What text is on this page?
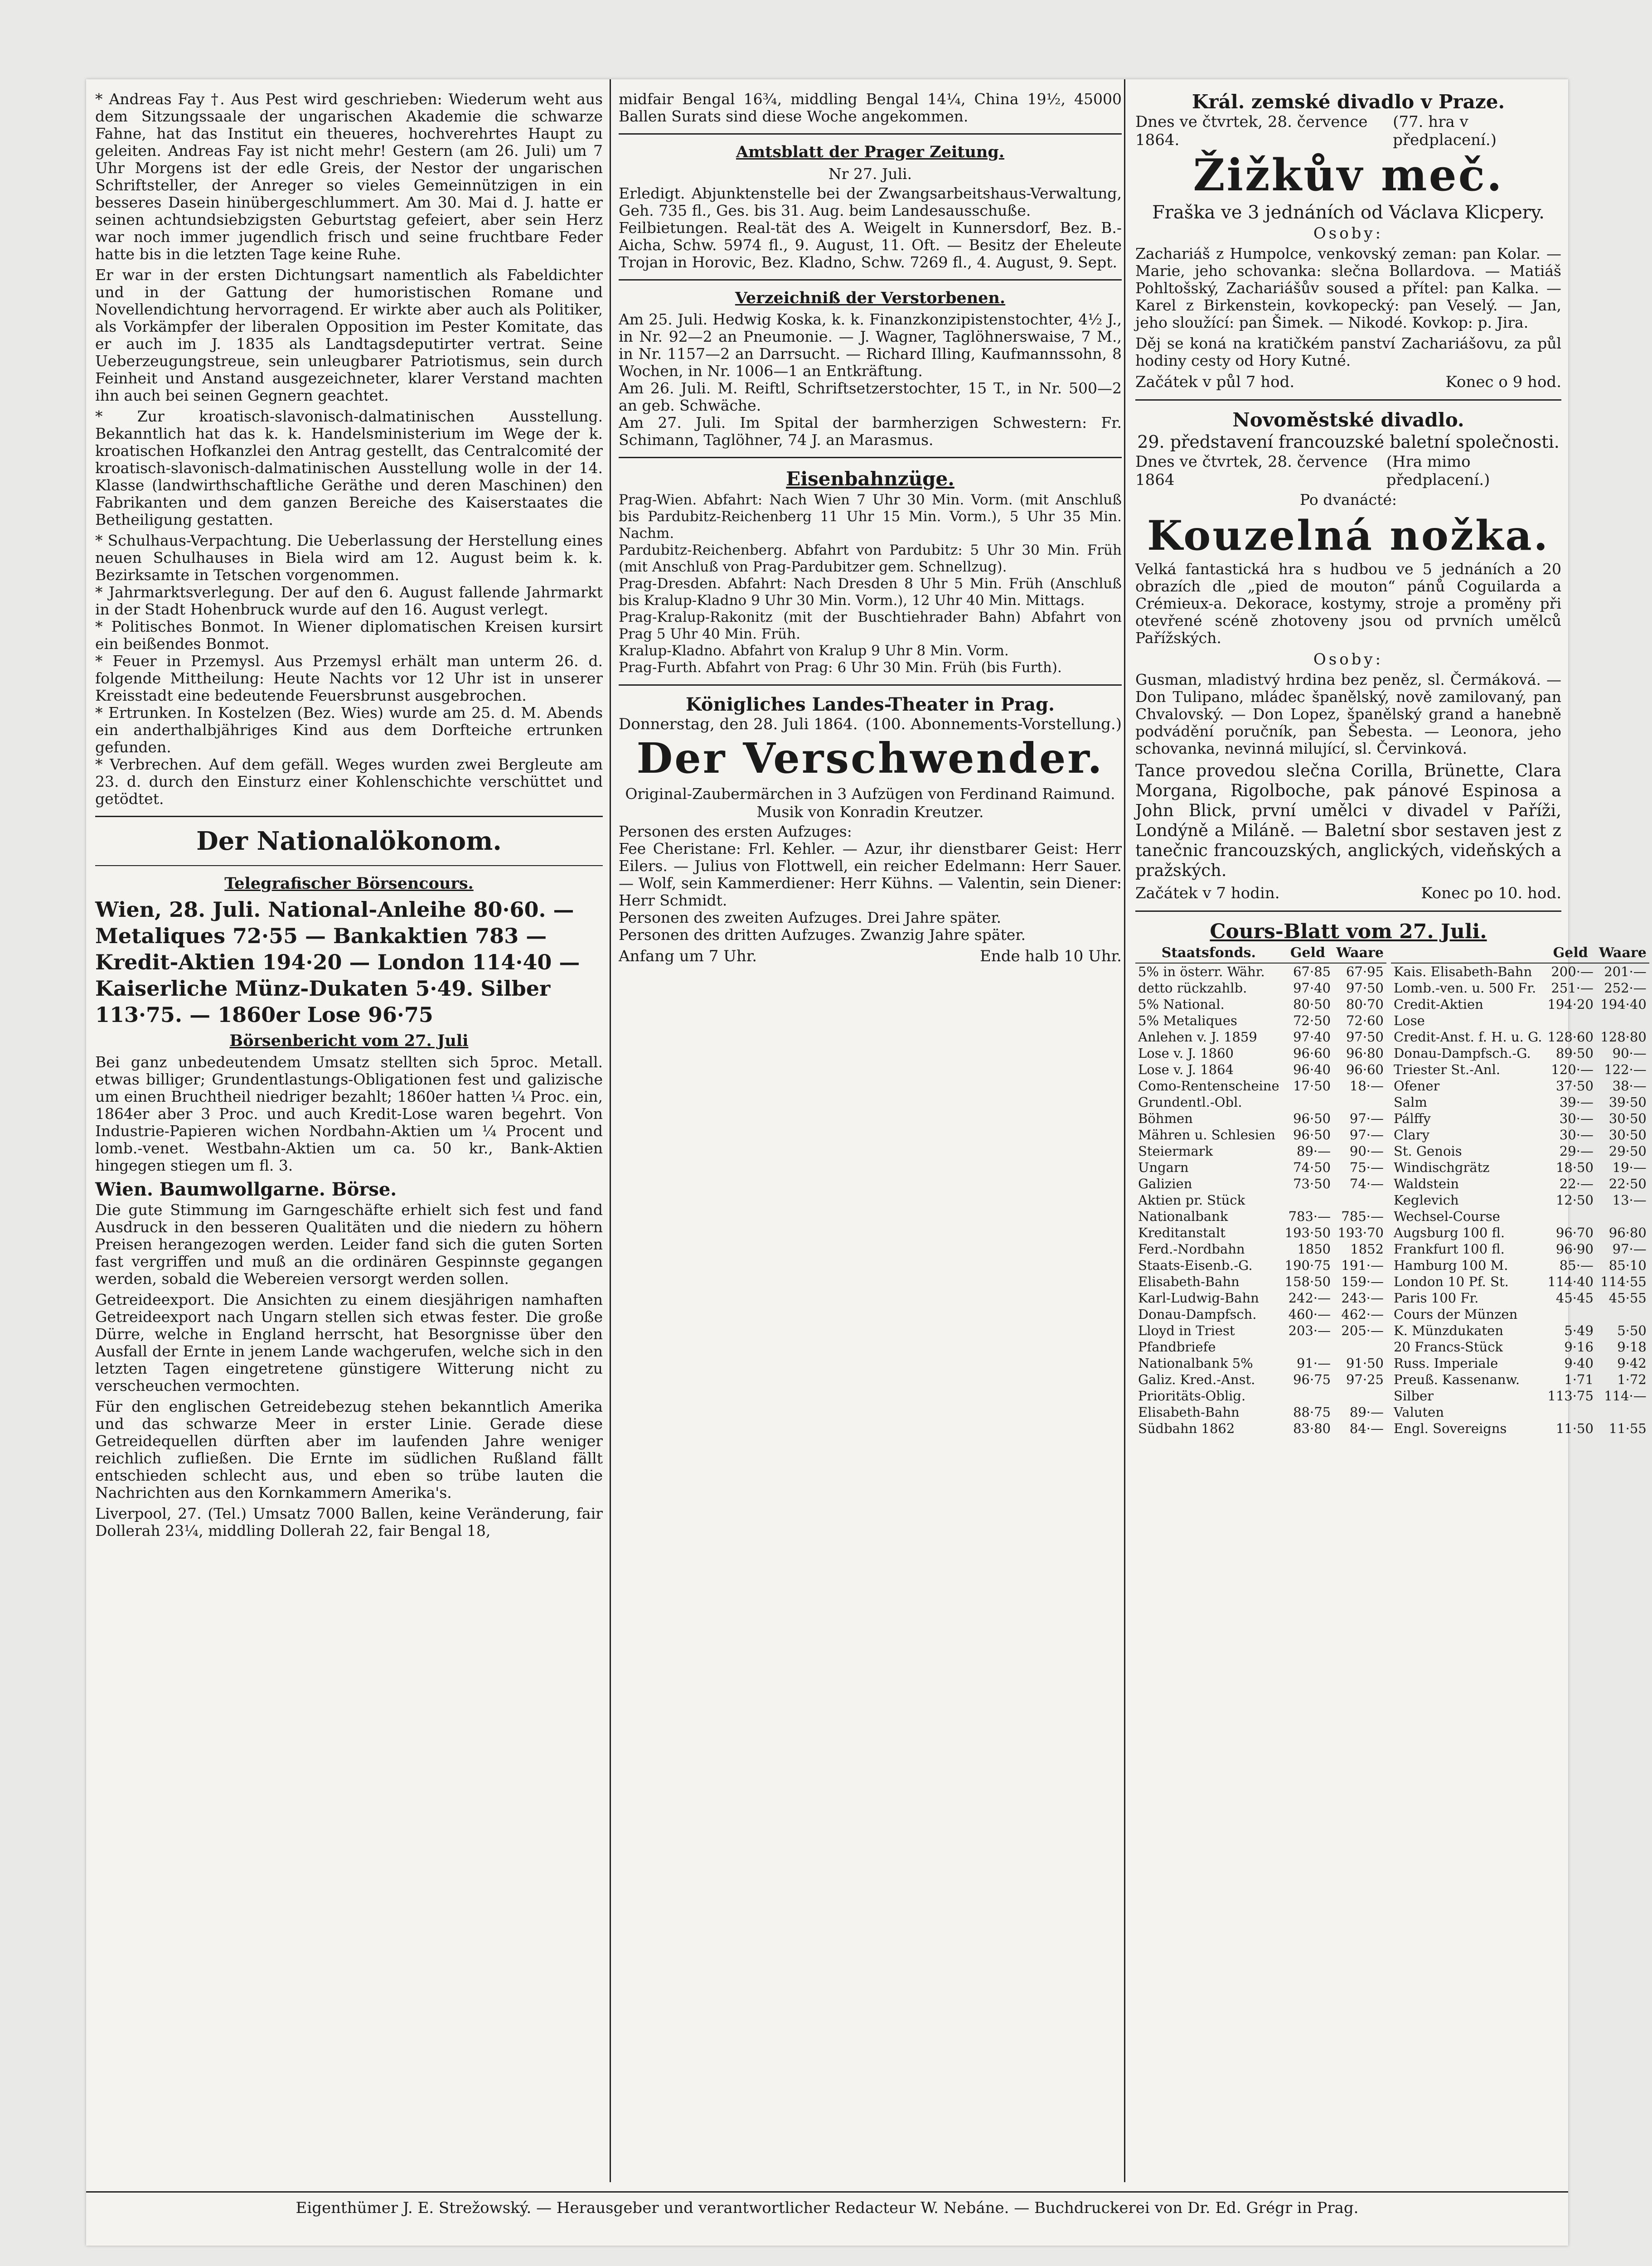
* Andreas Fay †. Aus Pest wird geschrieben: Wiederum weht aus dem Sitzungssaale der ungarischen Akademie die schwarze Fahne, hat das Institut ein theueres, hochverehrtes Haupt zu geleiten. Andreas Fay ist nicht mehr! Gestern (am 26. Juli) um 7 Uhr Morgens ist der edle Greis, der Nestor der ungarischen Schriftsteller, der Anreger so vieles Gemeinnützigen in ein besseres Dasein hinübergeschlummert. Am 30. Mai d. J. hatte er seinen achtundsiebzigsten Geburtstag gefeiert, aber sein Herz war noch immer jugendlich frisch und seine fruchtbare Feder hatte bis in die letzten Tage keine Ruhe.

Er war in der ersten Dichtungsart namentlich als Fabeldichter und in der Gattung der humoristischen Romane und Novellendichtung hervorragend. Er wirkte aber auch als Politiker, als Vorkämpfer der liberalen Opposition im Pester Komitate, das er auch im J. 1835 als Landtagsdeputirter vertrat. Seine Ueberzeugungstreue, sein unleugbarer Patriotismus, sein durch Feinheit und Anstand ausgezeichneter, klarer Verstand machten ihn auch bei seinen Gegnern geachtet.

* Zur kroatisch-slavonisch-dalmatinischen Ausstellung. Bekanntlich hat das k. k. Handelsministerium im Wege der k. kroatischen Hofkanzlei den Antrag gestellt, das Centralcomité der kroatisch-slavonisch-dalmatinischen Ausstellung wolle in der 14. Klasse (landwirthschaftliche Geräthe und deren Maschinen) den Fabrikanten und dem ganzen Bereiche des Kaiserstaates die Betheiligung gestatten.

* Schulhaus-Verpachtung. Die Ueberlassung der Herstellung eines neuen Schulhauses in Biela wird am 12. August beim k. k. Bezirksamte in Tetschen vorgenommen.
* Jahrmarktsverlegung. Der auf den 6. August fallende Jahrmarkt in der Stadt Hohenbruck wurde auf den 16. August verlegt.
* Politisches Bonmot. In Wiener diplomatischen Kreisen kursirt ein beißendes Bonmot.
* Feuer in Przemysl. Aus Przemysl erhält man unterm 26. d. folgende Mittheilung: Heute Nachts vor 12 Uhr ist in unserer Kreisstadt eine bedeutende Feuersbrunst ausgebrochen.
* Ertrunken. In Kostelzen (Bez. Wies) wurde am 25. d. M. Abends ein anderthalbjähriges Kind aus dem Dorfteiche ertrunken gefunden.
* Verbrechen. Auf dem gefäll. Weges wurden zwei Bergleute am 23. d. durch den Einsturz einer Kohlenschichte verschüttet und getödtet.

Der Nationalökonom.
Telegrafischer Börsencours.
Wien, 28. Juli. National-Anleihe 80·60. — Metaliques 72·55 — Bankaktien 783 — Kredit-Aktien 194·20 — London 114·40 — Kaiserliche Münz-Dukaten 5·49. Silber 113·75. — 1860er Lose 96·75
Börsenbericht vom 27. Juli

Bei ganz unbedeutendem Umsatz stellten sich 5proc. Metall. etwas billiger; Grundentlastungs-Obligationen fest und galizische um einen Bruchtheil niedriger bezahlt; 1860er hatten ¼ Proc. ein, 1864er aber 3 Proc. und auch Kredit-Lose waren begehrt. Von Industrie-Papieren wichen Nordbahn-Aktien um ¼ Procent und lomb.-venet. Westbahn-Aktien um ca. 50 kr., Bank-Aktien hingegen stiegen um fl. 3.

Wien. Baumwollgarne. Börse.

Die gute Stimmung im Garngeschäfte erhielt sich fest und fand Ausdruck in den besseren Qualitäten und die niedern zu höhern Preisen herangezogen werden. Leider fand sich die guten Sorten fast vergriffen und muß an die ordinären Gespinnste gegangen werden, sobald die Webereien versorgt werden sollen.

Getreideexport. Die Ansichten zu einem diesjährigen namhaften Getreideexport nach Ungarn stellen sich etwas fester. Die große Dürre, welche in England herrscht, hat Besorgnisse über den Ausfall der Ernte in jenem Lande wachgerufen, welche sich in den letzten Tagen eingetretene günstigere Witterung nicht zu verscheuchen vermochten.

Für den englischen Getreidebezug stehen bekanntlich Amerika und das schwarze Meer in erster Linie. Gerade diese Getreidequellen dürften aber im laufenden Jahre weniger reichlich zufließen. Die Ernte im südlichen Rußland fällt entschieden schlecht aus, und eben so trübe lauten die Nachrichten aus den Kornkammern Amerika's.

Liverpool, 27. (Tel.) Umsatz 7000 Ballen, keine Veränderung, fair Dollerah 23¼, middling Dollerah 22, fair Bengal 18,

midfair Bengal 16¾, middling Bengal 14¼, China 19½, 45000 Ballen Surats sind diese Woche angekommen.

Amtsblatt der Prager Zeitung.
Nr 27. Juli.

Erledigt. Abjunktenstelle bei der Zwangsarbeitshaus-Verwaltung, Geh. 735 fl., Ges. bis 31. Aug. beim Landesausschuße.
Feilbietungen. Real-tät des A. Weigelt in Kunnersdorf, Bez. B.-Aicha, Schw. 5974 fl., 9. August, 11. Oft. — Besitz der Eheleute Trojan in Horovic, Bez. Kladno, Schw. 7269 fl., 4. August, 9. Sept.

Verzeichniß der Verstorbenen.

Am 25. Juli. Hedwig Koska, k. k. Finanzkonzipistenstochter, 4½ J., in Nr. 92—2 an Pneumonie. — J. Wagner, Taglöhnerswaise, 7 M., in Nr. 1157—2 an Darrsucht. — Richard Illing, Kaufmannssohn, 8 Wochen, in Nr. 1006—1 an Entkräftung.
Am 26. Juli. M. Reiftl, Schriftsetzerstochter, 15 T., in Nr. 500—2 an geb. Schwäche.
Am 27. Juli. Im Spital der barmherzigen Schwestern: Fr. Schimann, Taglöhner, 74 J. an Marasmus.

Eisenbahnzüge.

Prag-Wien. Abfahrt: Nach Wien 7 Uhr 30 Min. Vorm. (mit Anschluß bis Pardubitz-Reichenberg 11 Uhr 15 Min. Vorm.), 5 Uhr 35 Min. Nachm.
Pardubitz-Reichenberg. Abfahrt von Pardubitz: 5 Uhr 30 Min. Früh (mit Anschluß von Prag-Pardubitzer gem. Schnellzug).
Prag-Dresden. Abfahrt: Nach Dresden 8 Uhr 5 Min. Früh (Anschluß bis Kralup-Kladno 9 Uhr 30 Min. Vorm.), 12 Uhr 40 Min. Mittags.
Prag-Kralup-Rakonitz (mit der Buschtiehrader Bahn) Abfahrt von Prag 5 Uhr 40 Min. Früh.
Kralup-Kladno. Abfahrt von Kralup 9 Uhr 8 Min. Vorm.
Prag-Furth. Abfahrt von Prag: 6 Uhr 30 Min. Früh (bis Furth).

Königliches Landes-Theater in Prag.
Donnerstag, den 28. Juli 1864. (100. Abonnements-Vorstellung.)
Der Verschwender.
Original-Zaubermärchen in 3 Aufzügen von Ferdinand Raimund. Musik von Konradin Kreutzer.

Personen des ersten Aufzuges:
Fee Cheristane: Frl. Kehler. — Azur, ihr dienstbarer Geist: Herr Eilers. — Julius von Flottwell, ein reicher Edelmann: Herr Sauer. — Wolf, sein Kammerdiener: Herr Kühns. — Valentin, sein Diener: Herr Schmidt.
Personen des zweiten Aufzuges. Drei Jahre später.
Personen des dritten Aufzuges. Zwanzig Jahre später.

Anfang um 7 Uhr.	Ende halb 10 Uhr.
Král. zemské divadlo v Praze.
Dnes ve čtvrtek, 28. července 1864.
(77. hra v předplacení.)
Žižkův meč.
Fraška ve 3 jednáních od Václava Klicpery.
Osoby:

Zachariáš z Humpolce, venkovský zeman: pan Kolar. — Marie, jeho schovanka: slečna Bollardova. — Matiáš Pohltošský, Zachariášův soused a přítel: pan Kalka. — Karel z Birkenstein, kovkopecký: pan Veselý. — Jan, jeho sloužící: pan Šimek. — Nikodé. Kovkop: p. Jira.

Děj se koná na kratičkém panství Zachariášovu, za půl hodiny cesty od Hory Kutné.

Začátek v půl 7 hod.	Konec o 9 hod.
Novoměstské divadlo.
29. představení francouzské baletní společnosti.
Dnes ve čtvrtek, 28. července 1864
(Hra mimo předplacení.)
Po dvanácté:
Kouzelná nožka.

Velká fantastická hra s hudbou ve 5 jednáních a 20 obrazích dle „pied de mouton“ pánů Coguilarda a Crémieux-a. Dekorace, kostymy, stroje a proměny při otevřené scéně zhotoveny jsou od prvních umělců Pařížských.

Osoby:

Gusman, mladistvý hrdina bez peněz, sl. Čermáková. — Don Tulipano, mládec španělský, nově zamilovaný, pan Chvalovský. — Don Lopez, španělský grand a hanebně podvádění poručník, pan Šebesta. — Leonora, jeho schovanka, nevinná milující, sl. Červinková.

Tance provedou slečna Corilla, Brünette, Clara Morgana, Rigolboche, pak pánové Espinosa a John Blick, první umělci v divadel v Paříži, Londýně a Miláně. — Baletní sbor sestaven jest z tanečnic francouzských, anglických, videňských a pražských.

Začátek v 7 hodin.	Konec po 10. hod.
Cours-Blatt vom 27. Juli.
Staatsfonds.	Geld	Waare
5% in österr. Währ.	67·85	67·95
detto rückzahlb.	97·40	97·50
5% National.	80·50	80·70
5% Metaliques	72·50	72·60
Anlehen v. J. 1859	97·40	97·50
Lose v. J. 1860	96·60	96·80
Lose v. J. 1864	96·40	96·60
Como-Rentenscheine	17·50	18·—
Grundentl.-Obl.		
Böhmen	96·50	97·—
Mähren u. Schlesien	96·50	97·—
Steiermark	89·—	90·—
Ungarn	74·50	75·—
Galizien	73·50	74·—
Aktien pr. Stück		
Nationalbank	783·—	785·—
Kreditanstalt	193·50	193·70
Ferd.-Nordbahn	1850	1852
Staats-Eisenb.-G.	190·75	191·—
Elisabeth-Bahn	158·50	159·—
Karl-Ludwig-Bahn	242·—	243·—
Donau-Dampfsch.	460·—	462·—
Lloyd in Triest	203·—	205·—
Pfandbriefe		
Nationalbank 5%	91·—	91·50
Galiz. Kred.-Anst.	96·75	97·25
Prioritäts-Oblig.		
Elisabeth-Bahn	88·75	89·—
Südbahn 1862	83·80	84·—
	Geld	Waare
Kais. Elisabeth-Bahn	200·—	201·—
Lomb.-ven. u. 500 Fr.	251·—	252·—
Credit-Aktien	194·20	194·40
Lose		
Credit-Anst. f. H. u. G.	128·60	128·80
Donau-Dampfsch.-G.	89·50	90·—
Triester St.-Anl.	120·—	122·—
Ofener	37·50	38·—
Salm	39·—	39·50
Pálffy	30·—	30·50
Clary	30·—	30·50
St. Genois	29·—	29·50
Windischgrätz	18·50	19·—
Waldstein	22·—	22·50
Keglevich	12·50	13·—
Wechsel-Course		
Augsburg 100 fl.	96·70	96·80
Frankfurt 100 fl.	96·90	97·—
Hamburg 100 M.	85·—	85·10
London 10 Pf. St.	114·40	114·55
Paris 100 Fr.	45·45	45·55
Cours der Münzen		
K. Münzdukaten	5·49	5·50
20 Francs-Stück	9·16	9·18
Russ. Imperiale	9·40	9·42
Preuß. Kassenanw.	1·71	1·72
Silber	113·75	114·—
Valuten		
Engl. Sovereigns	11·50	11·55
Eigenthümer J. E. Strežowský. — Herausgeber und verantwortlicher Redacteur W. Nebáne. — Buchdruckerei von Dr. Ed. Grégr in Prag.
